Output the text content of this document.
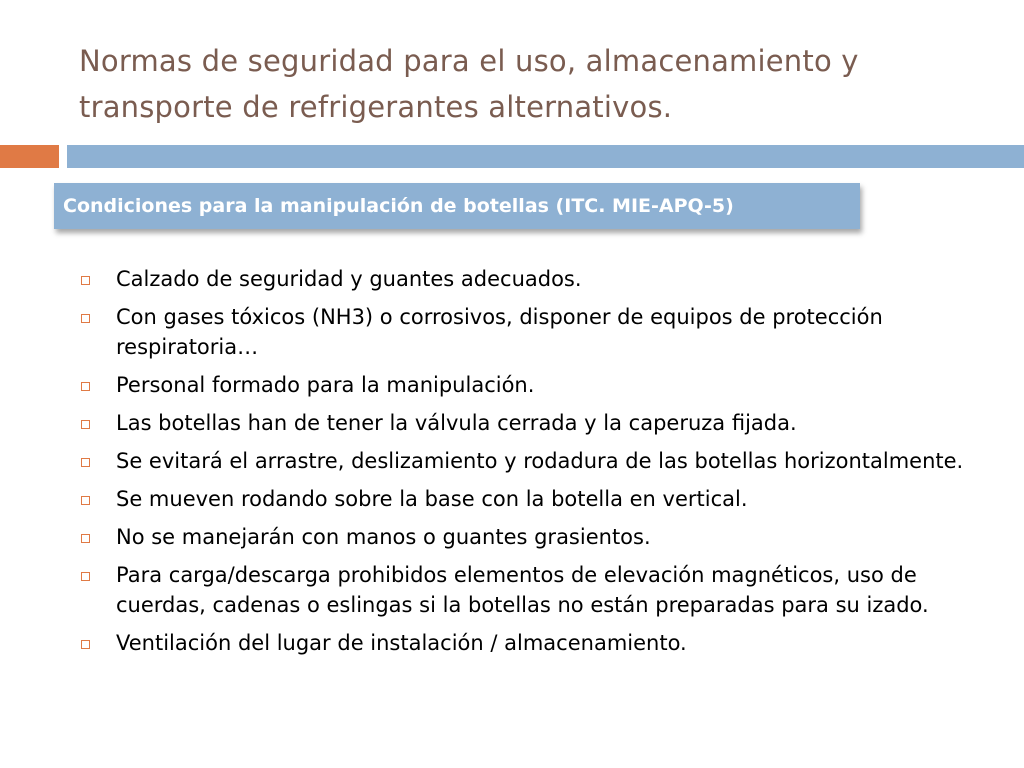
Normas de seguridad para el uso, almacenamiento y transporte de refrigerantes alternativos.
Condiciones para la manipulación de botellas (ITC. MIE-APQ-5)
Calzado de seguridad y guantes adecuados.
Con gases tóxicos (NH3) o corrosivos, disponer de equipos de protección respiratoria…
Personal formado para la manipulación.
Las botellas han de tener la válvula cerrada y la caperuza fijada.
Se evitará el arrastre, deslizamiento y rodadura de las botellas horizontalmente.
Se mueven rodando sobre la base con la botella en vertical.
No se manejarán con manos o guantes grasientos.
Para carga/descarga prohibidos elementos de elevación magnéticos, uso de cuerdas, cadenas o eslingas si la botellas no están preparadas para su izado.
Ventilación del lugar de instalación / almacenamiento.
